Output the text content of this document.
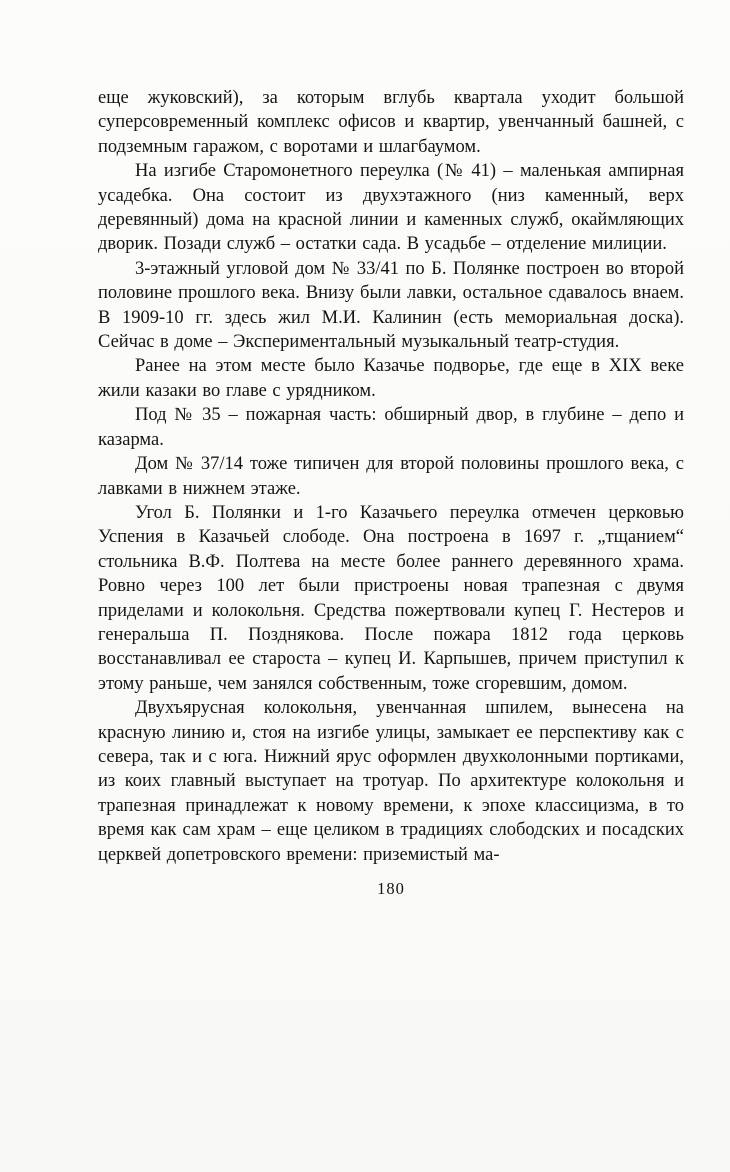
еще жуковский), за которым вглубь квартала уходит большой суперсовременный комплекс офисов и квартир, увенчанный башней, с подземным гаражом, с воротами и шлагбаумом.

На изгибе Старомонетного переулка (№ 41) – маленькая ампирная усадебка. Она состоит из двухэтажного (низ каменный, верх деревянный) дома на красной линии и каменных служб, окаймляющих дворик. Позади служб – остатки сада. В усадьбе – отделение милиции.

3-этажный угловой дом № 33/41 по Б. Полянке построен во второй половине прошлого века. Внизу были лавки, остальное сдавалось внаем. В 1909-10 гг. здесь жил М.И. Калинин (есть мемориальная доска). Сейчас в доме – Экспериментальный музыкальный театр-студия.

Ранее на этом месте было Казачье подворье, где еще в XIX веке жили казаки во главе с урядником.

Под № 35 – пожарная часть: обширный двор, в глубине – депо и казарма.

Дом № 37/14 тоже типичен для второй половины прошлого века, с лавками в нижнем этаже.

Угол Б. Полянки и 1-го Казачьего переулка отмечен церковью Успения в Казачьей слободе. Она построена в 1697 г. „тщанием“ стольника В.Ф. Полтева на месте более раннего деревянного храма. Ровно через 100 лет были пристроены новая трапезная с двумя приделами и колокольня. Средства пожертвовали купец Г. Нестеров и генеральша П. Позднякова. После пожара 1812 года церковь восстанавливал ее староста – купец И. Карпышев, причем приступил к этому раньше, чем занялся собственным, тоже сгоревшим, домом.

Двухъярусная колокольня, увенчанная шпилем, вынесена на красную линию и, стоя на изгибе улицы, замыкает ее перспективу как с севера, так и с юга. Нижний ярус оформлен двухколонными портиками, из коих главный выступает на тротуар. По архитектуре колокольня и трапезная принадлежат к новому времени, к эпохе классицизма, в то время как сам храм – еще целиком в традициях слободских и посадских церквей допетровского времени: приземистый ма-

180
